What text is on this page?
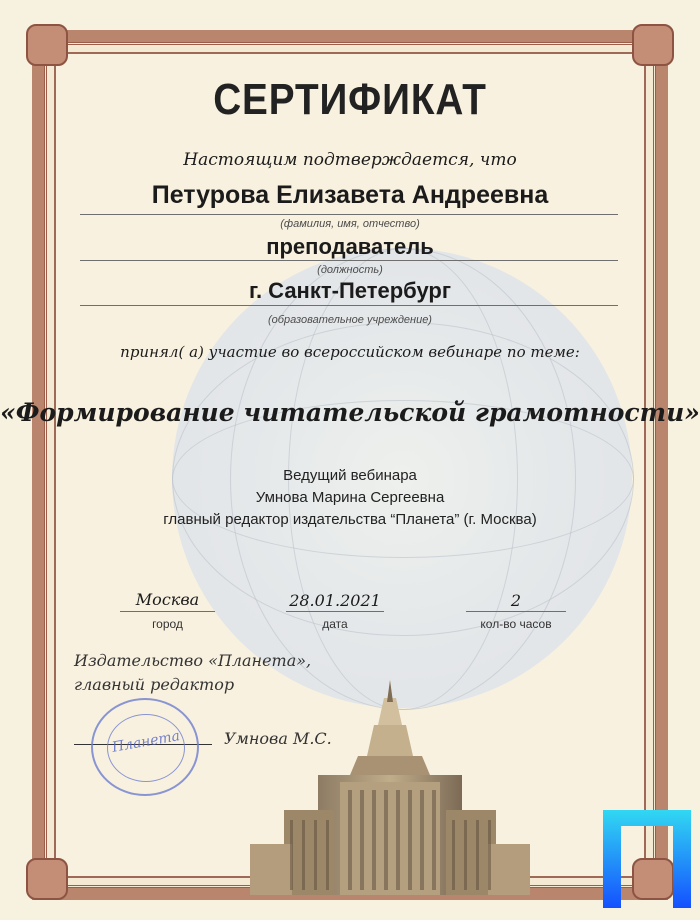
СЕРТИФИКАТ
Настоящим подтверждается, что
Петурова Елизавета Андреевна
(фамилия, имя, отчество)
преподаватель
(должность)
г. Санкт-Петербург
(образовательное учреждение)
принял( а) участие во всероссийском вебинаре по теме:
«Формирование читательской грамотности»
Ведущий вебинара
Умнова Марина Сергеевна
главный редактор издательства “Планета” (г. Москва)
Москва
город
28.01.2021
дата
2
кол-во часов
Издательство «Планета»,
главный редактор
Умнова М.С.
Планета
